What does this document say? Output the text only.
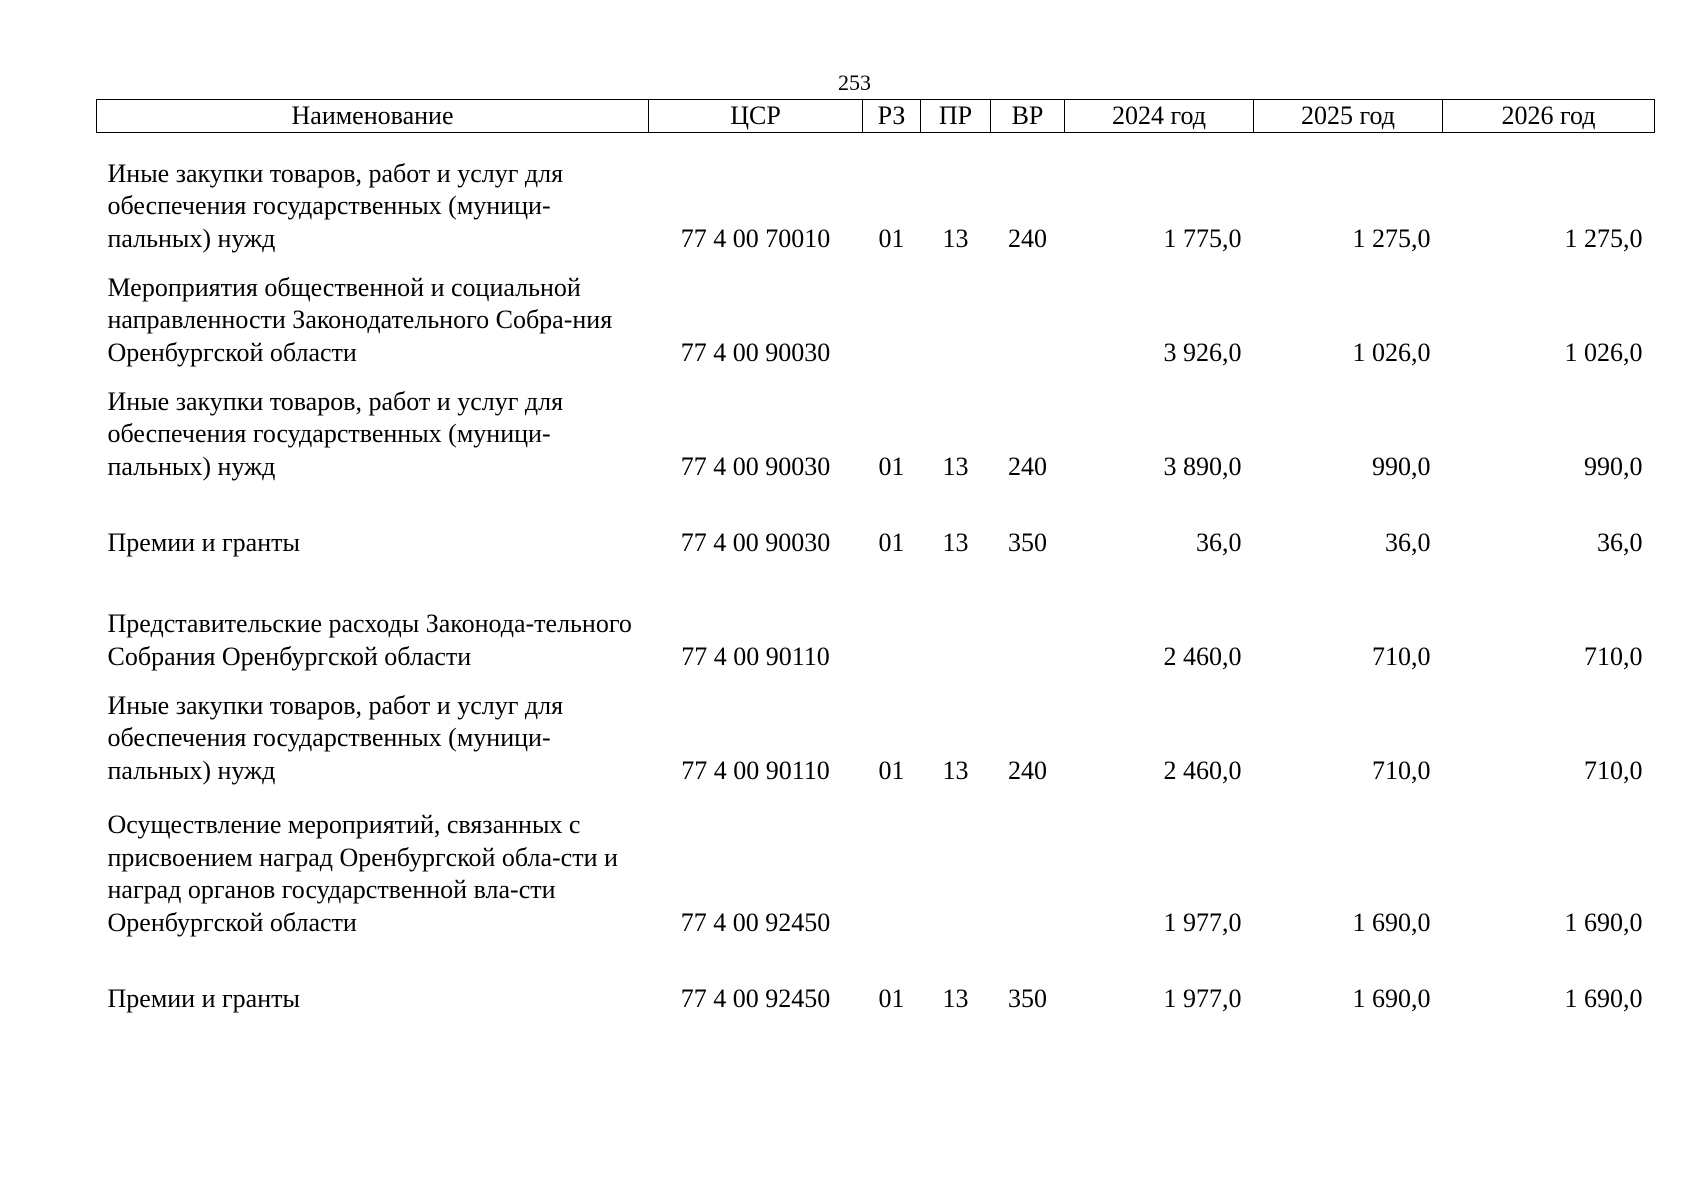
253
Наименование	ЦСР	РЗ	ПР	ВР	2024 год	2025 год	2026 год
Иные закупки товаров, работ и услуг для обеспечения государственных (муници-пальных) нужд	77 4 00 70010	01	13	240	1 775,0	1 275,0	1 275,0
Мероприятия общественной и социальной направленности Законодательного Собра-ния Оренбургской области	77 4 00 90030				3 926,0	1 026,0	1 026,0
Иные закупки товаров, работ и услуг для обеспечения государственных (муници-пальных) нужд	77 4 00 90030	01	13	240	3 890,0	990,0	990,0
Премии и гранты	77 4 00 90030	01	13	350	36,0	36,0	36,0
Представительские расходы Законода-тельного Собрания Оренбургской области	77 4 00 90110				2 460,0	710,0	710,0
Иные закупки товаров, работ и услуг для обеспечения государственных (муници-пальных) нужд	77 4 00 90110	01	13	240	2 460,0	710,0	710,0
Осуществление мероприятий, связанных с присвоением наград Оренбургской обла-сти и наград органов государственной вла-сти Оренбургской области	77 4 00 92450				1 977,0	1 690,0	1 690,0
Премии и гранты	77 4 00 92450	01	13	350	1 977,0	1 690,0	1 690,0
